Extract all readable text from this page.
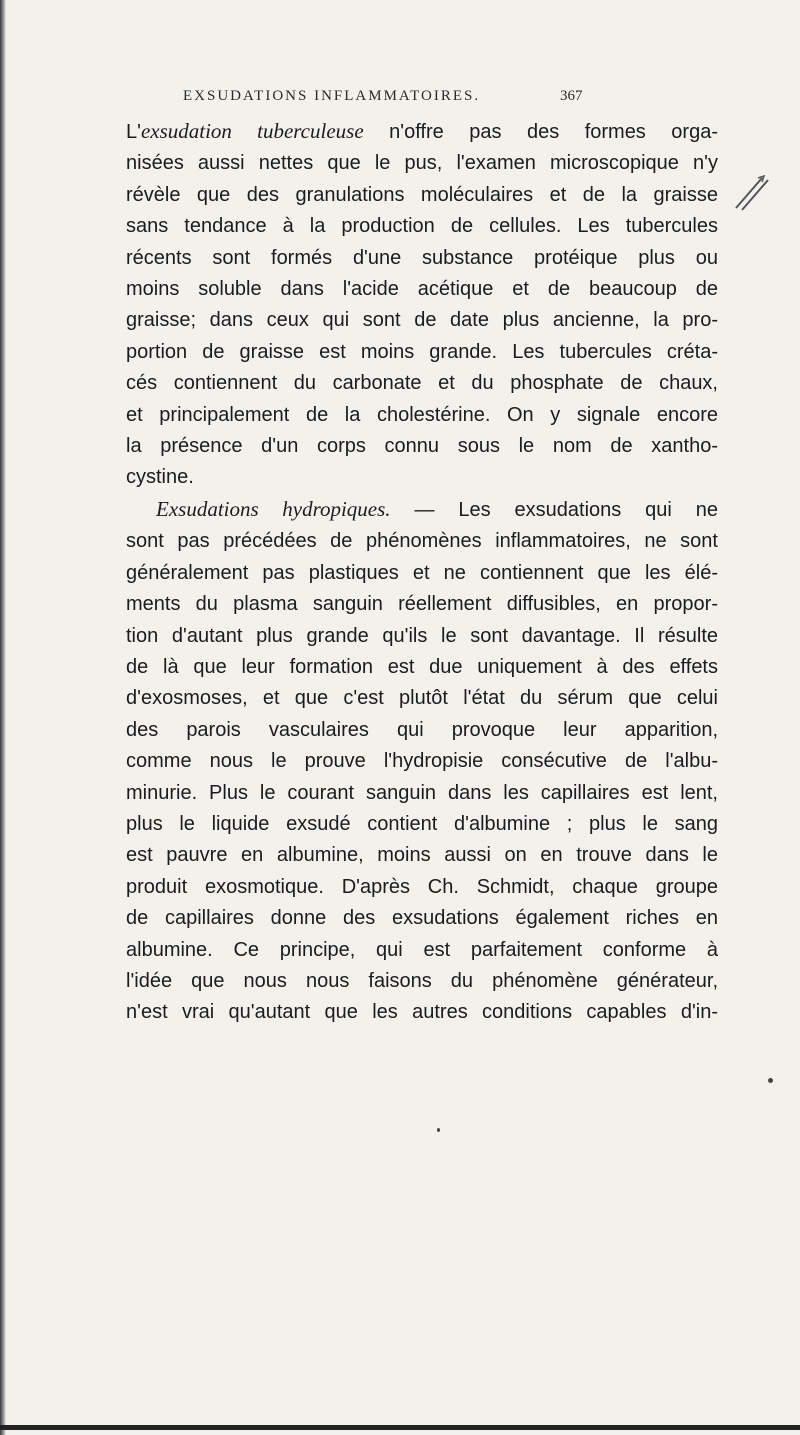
EXSUDATIONS INFLAMMATOIRES.	367
L'exsudation tuberculeuse n'offre pas des formes orga-
nisées aussi nettes que le pus, l'examen microscopique n'y
révèle que des granulations moléculaires et de la graisse
sans tendance à la production de cellules. Les tubercules
récents sont formés d'une substance protéique plus ou
moins soluble dans l'acide acétique et de beaucoup de
graisse; dans ceux qui sont de date plus ancienne, la pro-
portion de graisse est moins grande. Les tubercules créta-
cés contiennent du carbonate et du phosphate de chaux,
et principalement de la cholestérine. On y signale encore
la présence d'un corps connu sous le nom de xantho-
cystine.
Exsudations hydropiques. — Les exsudations qui ne
sont pas précédées de phénomènes inflammatoires, ne sont
généralement pas plastiques et ne contiennent que les élé-
ments du plasma sanguin réellement diffusibles, en propor-
tion d'autant plus grande qu'ils le sont davantage. Il résulte
de là que leur formation est due uniquement à des effets
d'exosmoses, et que c'est plutôt l'état du sérum que celui
des parois vasculaires qui provoque leur apparition,
comme nous le prouve l'hydropisie consécutive de l'albu-
minurie. Plus le courant sanguin dans les capillaires est lent,
plus le liquide exsudé contient d'albumine ; plus le sang
est pauvre en albumine, moins aussi on en trouve dans le
produit exosmotique. D'après Ch. Schmidt, chaque groupe
de capillaires donne des exsudations également riches en
albumine. Ce principe, qui est parfaitement conforme à
l'idée que nous nous faisons du phénomène générateur,
n'est vrai qu'autant que les autres conditions capables d'in-
